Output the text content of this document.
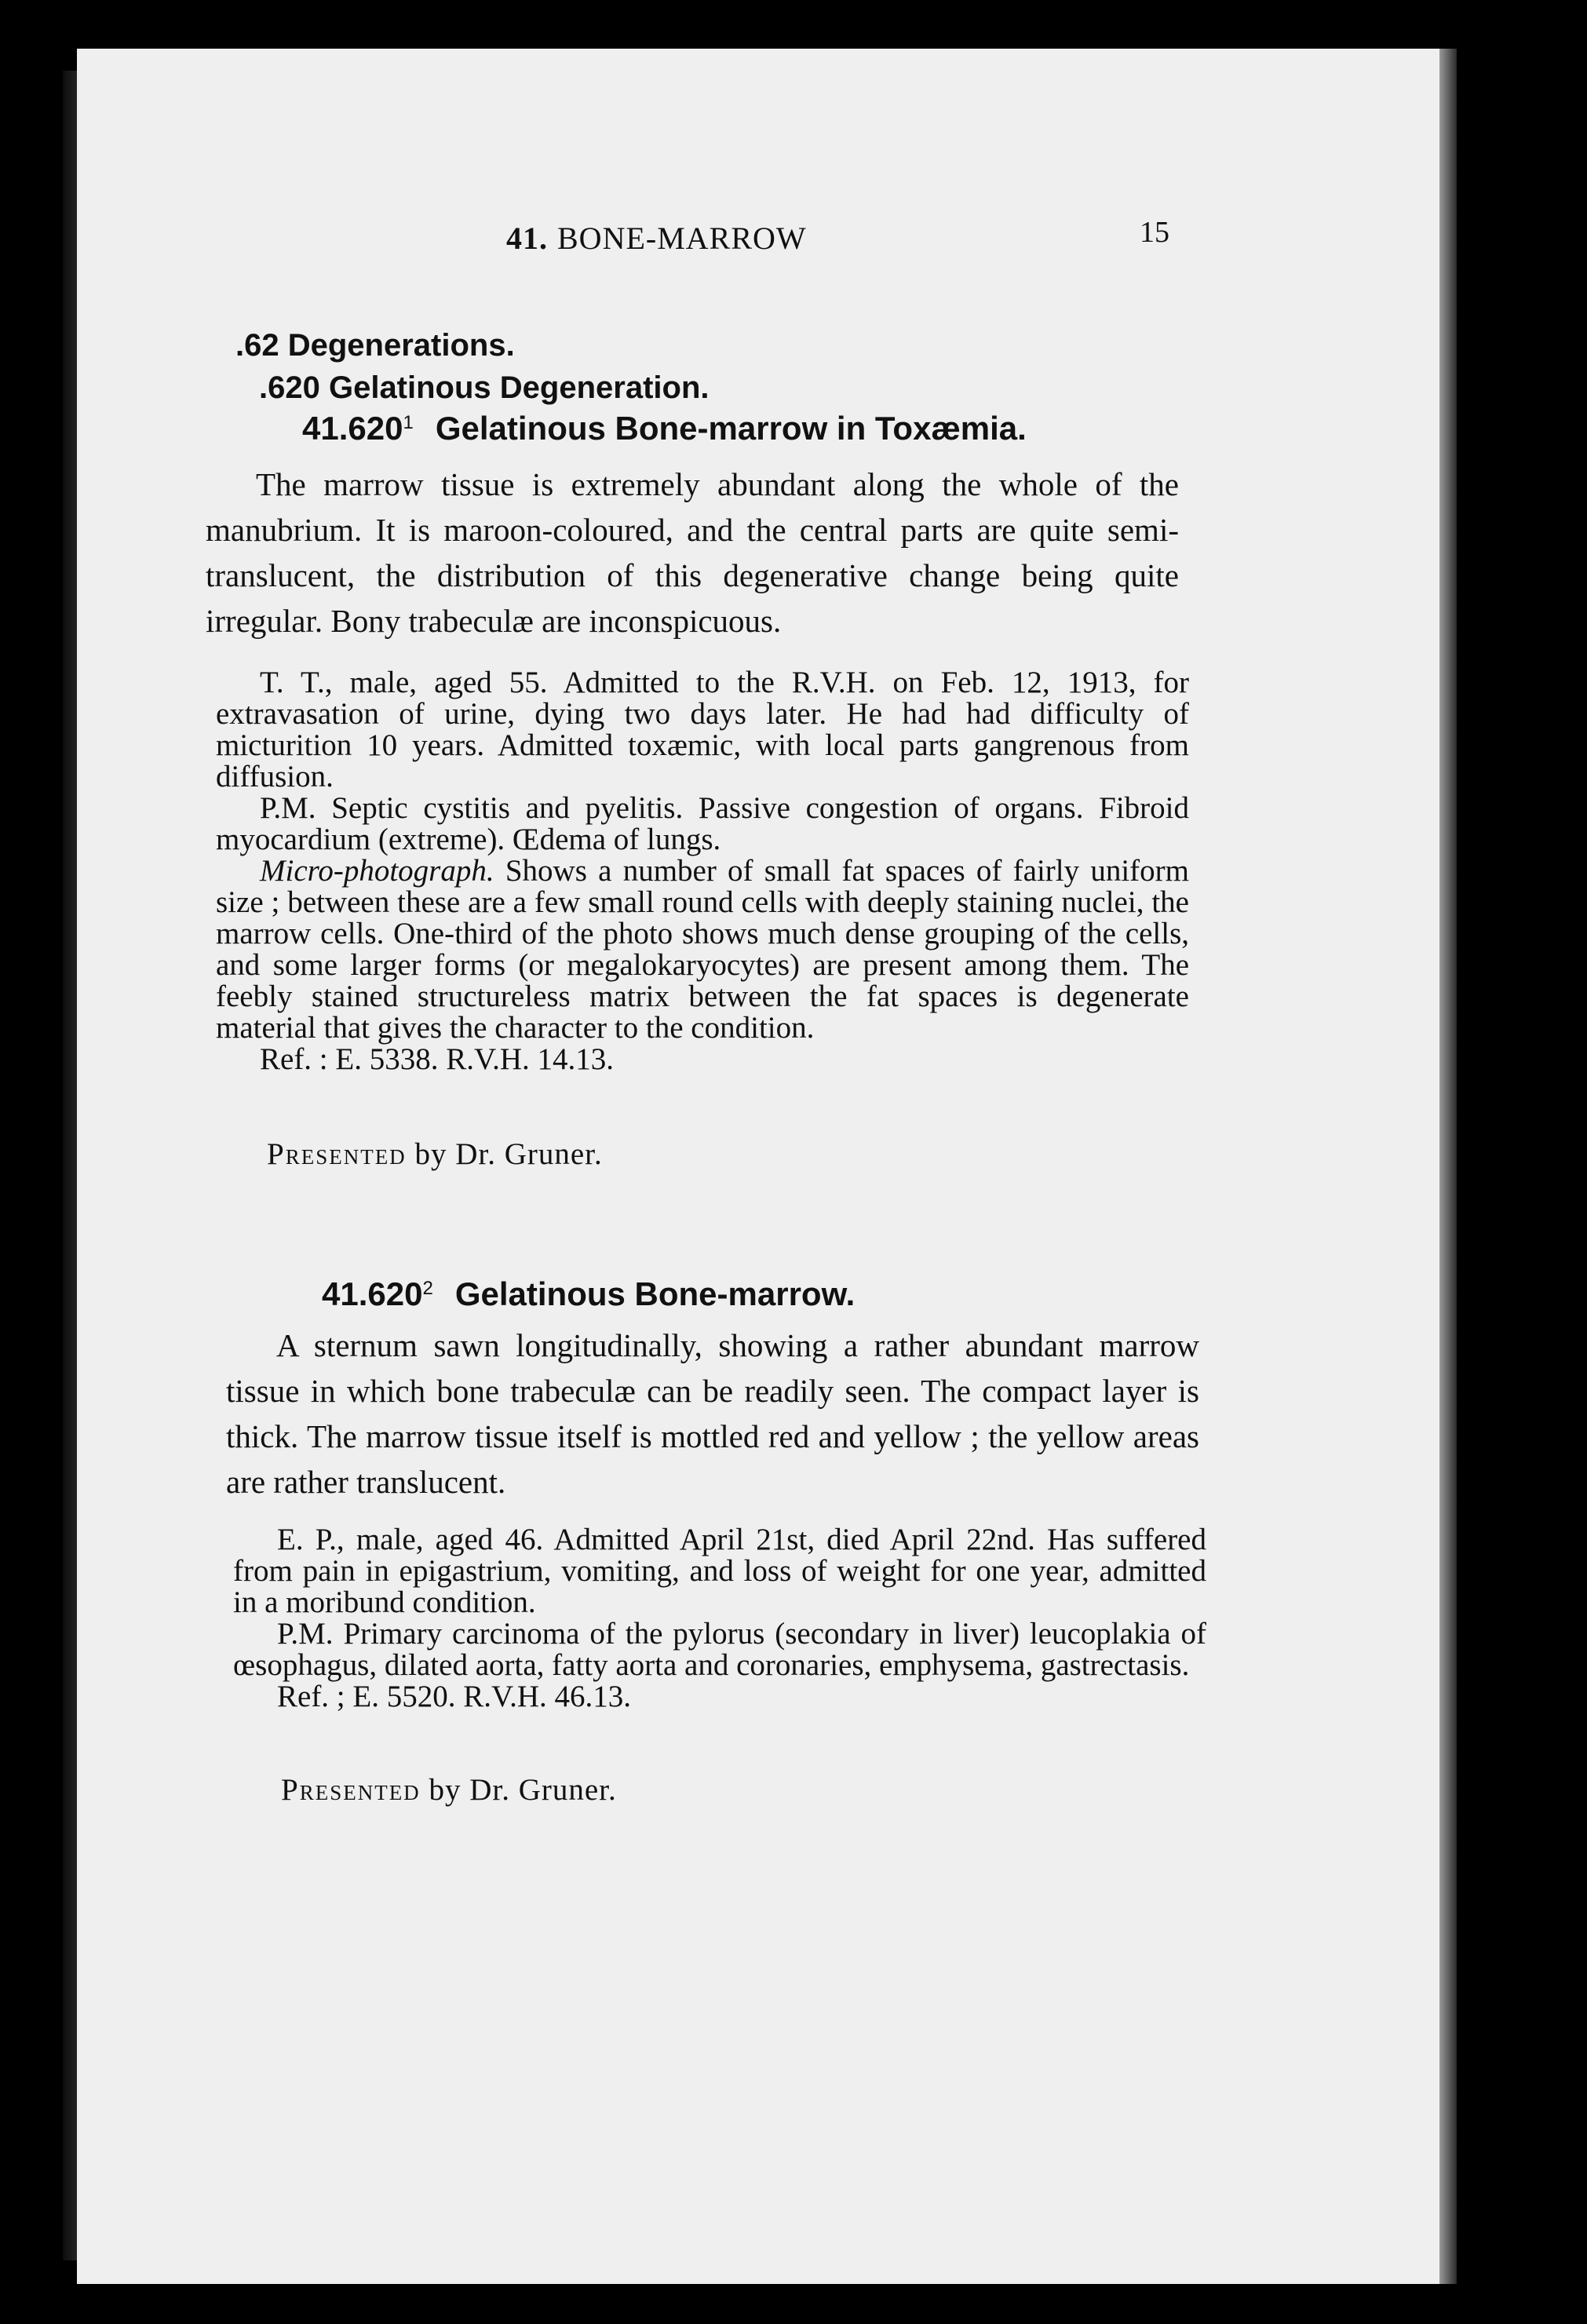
41. BONE-MARROW	15
.62 Degenerations.
.620 Gelatinous Degeneration.
41.620$^1$ Gelatinous Bone-marrow in Toxæmia.

The marrow tissue is extremely abundant along the whole of the manubrium. It is maroon-coloured, and the central parts are quite semi-translucent, the distribution of this degenerative change being quite irregular. Bony trabeculæ are inconspicuous.

T. T., male, aged 55. Admitted to the R.V.H. on Feb. 12, 1913, for extravasation of urine, dying two days later. He had had difficulty of micturition 10 years. Admitted toxæmic, with local parts gangrenous from diffusion.

P.M. Septic cystitis and pyelitis. Passive congestion of organs. Fibroid myocardium (extreme). Œdema of lungs.

Micro-photograph. Shows a number of small fat spaces of fairly uniform size ; between these are a few small round cells with deeply staining nuclei, the marrow cells. One-third of the photo shows much dense grouping of the cells, and some larger forms (or megalokaryocytes) are present among them. The feebly stained structureless matrix between the fat spaces is degenerate material that gives the character to the condition.

Ref. : E. 5338. R.V.H. 14.13.

Presented by Dr. Gruner.
41.620$^2$ Gelatinous Bone-marrow.

A sternum sawn longitudinally, showing a rather abundant marrow tissue in which bone trabeculæ can be readily seen. The compact layer is thick. The marrow tissue itself is mottled red and yellow ; the yellow areas are rather translucent.

E. P., male, aged 46. Admitted April 21st, died April 22nd. Has suffered from pain in epigastrium, vomiting, and loss of weight for one year, admitted in a moribund condition.

P.M. Primary carcinoma of the pylorus (secondary in liver) leucoplakia of œsophagus, dilated aorta, fatty aorta and coronaries, emphysema, gastrectasis.

Ref. ; E. 5520. R.V.H. 46.13.

Presented by Dr. Gruner.
